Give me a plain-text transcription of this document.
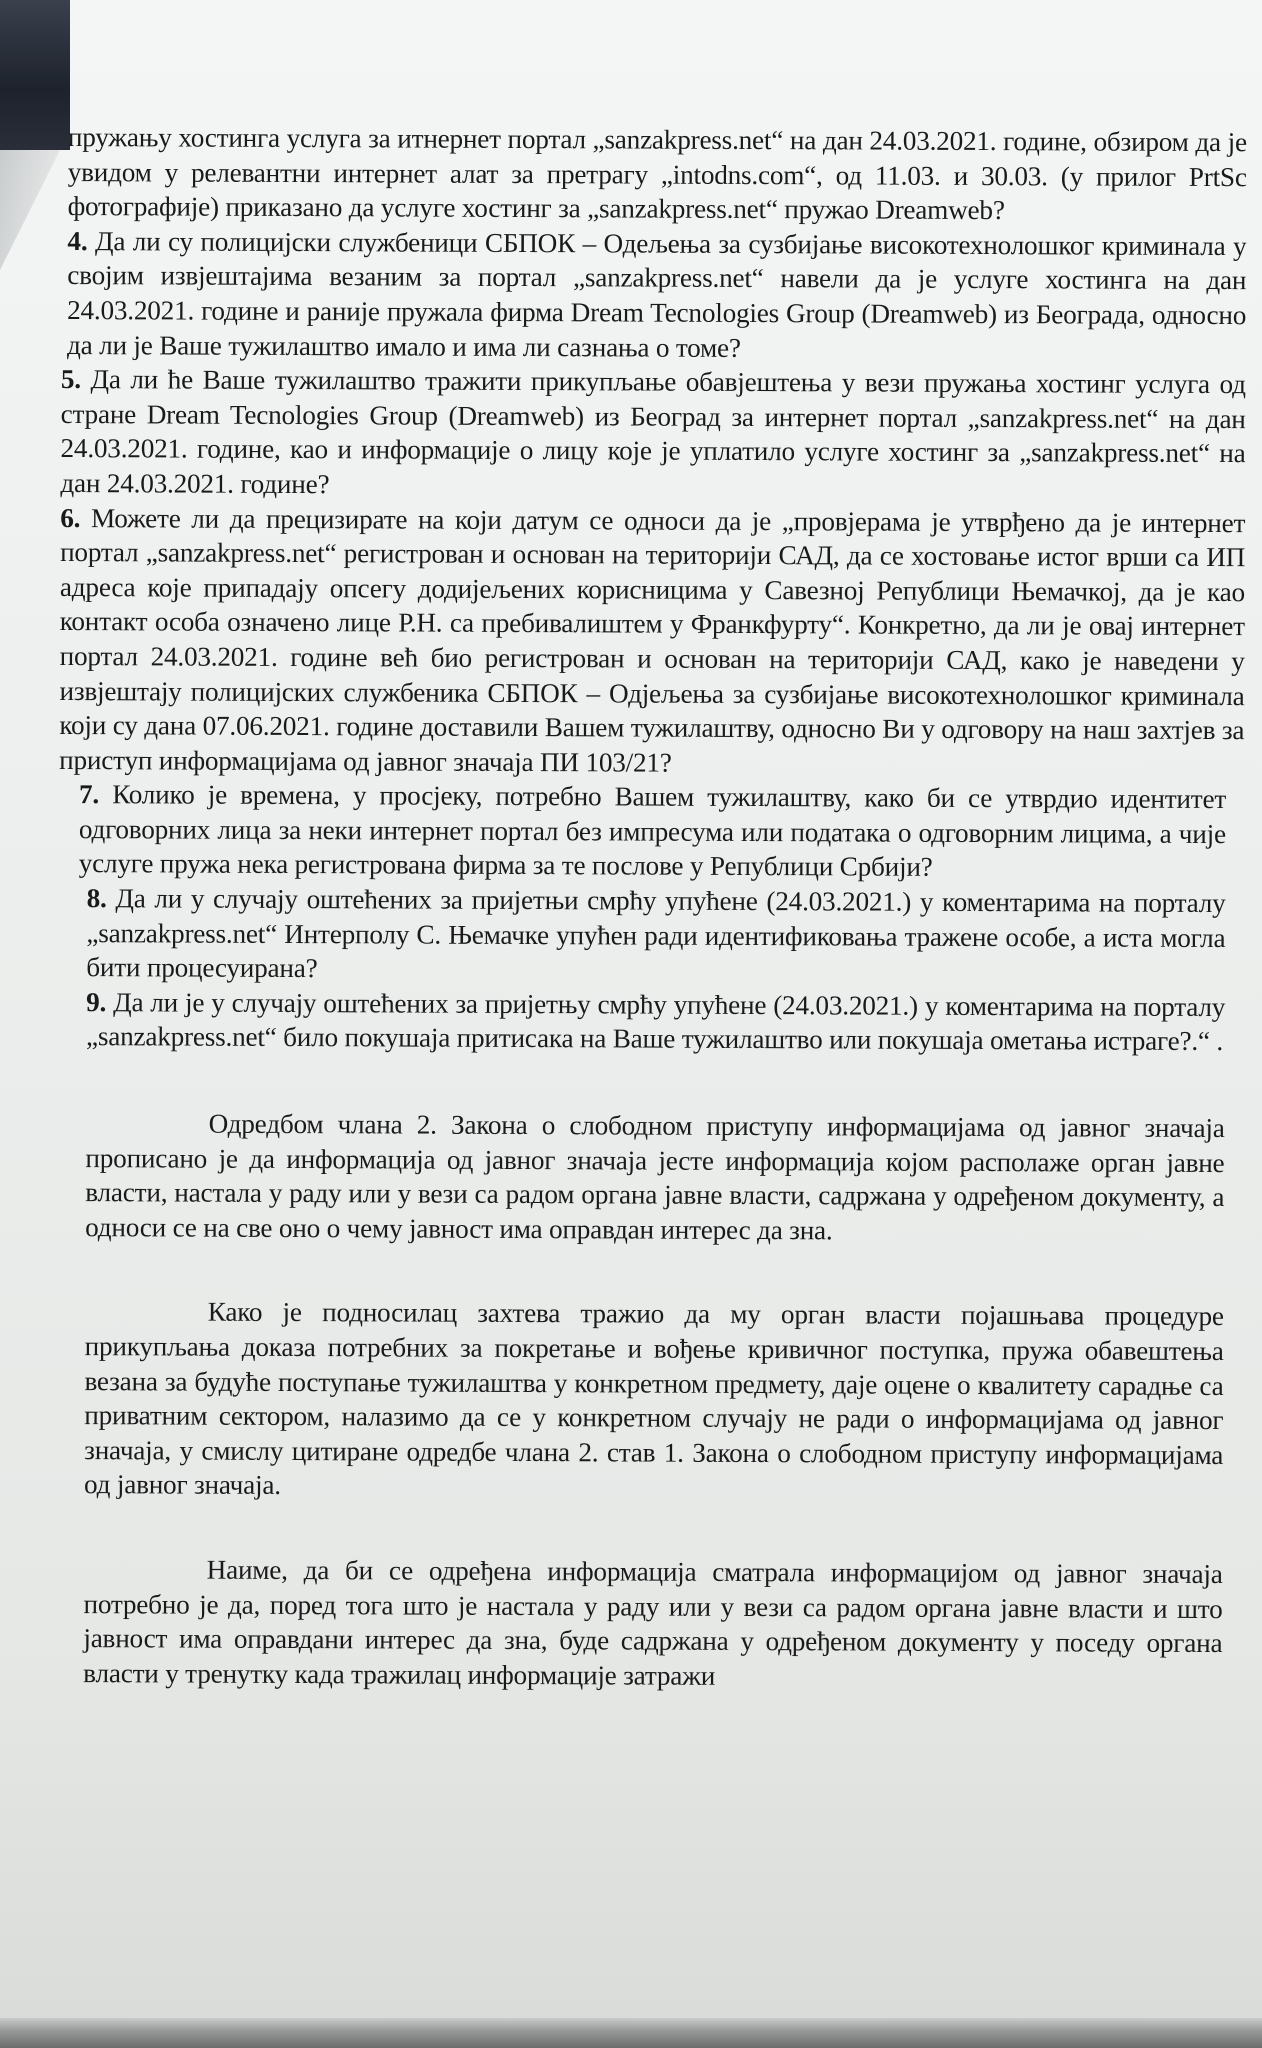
пружању хостинга услуга за итнернет портал „sanzakpress.net“ на дан 24.03.2021. године, обзиром да је увидом у релевантни интернет алат за претрагу „intodns.com“, од 11.03. и 30.03. (у прилог PrtSc фотографије) приказано да услуге хостинг за „sanzakpress.net“ пружао Dreamweb?

4. Да ли су полицијски службеници СБПОК – Одељења за сузбијање високотехнолошког криминала у својим извјештајима везаним за портал „sanzakpress.net“ навели да је услуге хостинга на дан 24.03.2021. године и раније пружала фирма Dream Tecnologies Group (Dreamweb) из Београда, односно да ли је Ваше тужилаштво имало и има ли сазнања о томе?

5. Да ли ће Ваше тужилаштво тражити прикупљање обавјештења у вези пружања хостинг услуга од стране Dream Tecnologies Group (Dreamweb) из Београд за интернет портал „sanzakpress.net“ на дан 24.03.2021. године, као и информације о лицу које је уплатило услуге хостинг за „sanzakpress.net“ на дан 24.03.2021. године?

6. Можете ли да прецизирате на који датум се односи да је „провјерама је утврђено да је интернет портал „sanzakpress.net“ регистрован и основан на територији САД, да се хостовање истог врши са ИП адреса које припадају опсегу додијељених корисницима у Савезној Републици Њемачкој, да је као контакт особа означено лице Р.Н. са пребивалиштем у Франкфурту“. Конкретно, да ли је овај интернет портал 24.03.2021. године већ био регистрован и основан на територији САД, како је наведени у извјештају полицијских службеника СБПОК – Одјељења за сузбијање високотехнолошког криминала који су дана 07.06.2021. године доставили Вашем тужилаштву, односно Ви у одговору на наш захтјев за приступ информацијама од јавног значаја ПИ 103/21?

7. Колико је времена, у просјеку, потребно Вашем тужилаштву, како би се утврдио идентитет одговорних лица за неки интернет портал без импресума или података о одговорним лицима, а чије услуге пружа нека регистрована фирма за те послове у Републици Србији?

8. Да ли у случају оштећених за пријетњи смрћу упућене (24.03.2021.) у коментарима на порталу „sanzakpress.net“ Интерполу С. Њемачке упућен ради идентификовања тражене особе, а иста могла бити процесуирана?

9. Да ли је у случају оштећених за пријетњу смрћу упућене (24.03.2021.) у коментарима на порталу „sanzakpress.net“ било покушаја притисака на Ваше тужилаштво или покушаја ометања истраге?.“ .

Одредбом члана 2. Закона о слободном приступу информацијама од јавног значаја прописано је да информација од јавног значаја јесте информација којом располаже орган јавне власти, настала у раду или у вези са радом органа јавне власти, садржана у одређеном документу, а односи се на све оно о чему јавност има оправдан интерес да зна.

Како је подносилац захтева тражио да му орган власти појашњава процедуре прикупљања доказа потребних за покретање и вођење кривичног поступка, пружа обавештења везана за будуће поступање тужилаштва у конкретном предмету, даје оцене о квалитету сарадње са приватним сектором, налазимо да се у конкретном случају не ради о информацијама од јавног значаја, у смислу цитиране одредбе члана 2. став 1. Закона о слободном приступу информацијама од јавног значаја.

Наиме, да би се одређена информација сматрала информацијом од јавног значаја потребно је да, поред тога што је настала у раду или у вези са радом органа јавне власти и што јавност има оправдани интерес да зна, буде садржана у одређеном документу у поседу органа власти у тренутку када тражилац информације затражи
